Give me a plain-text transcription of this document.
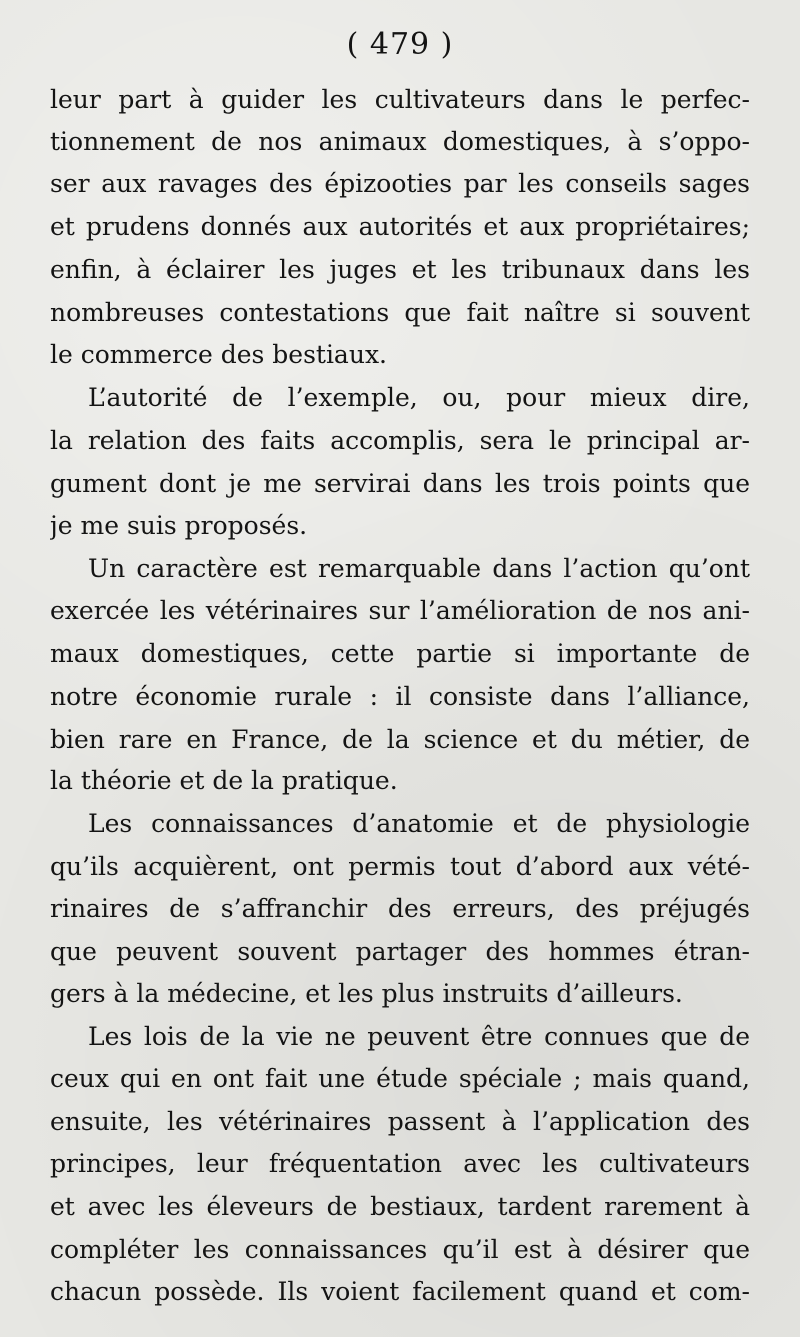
( 479 )
leur part à guider les cultivateurs dans le perfec-
tionnement de nos animaux domestiques, à s’oppo-
ser aux ravages des épizooties par les conseils sages
et prudens donnés aux autorités et aux propriétaires;
enfin, à éclairer les juges et les tribunaux dans les
nombreuses contestations que fait naître si souvent
le commerce des bestiaux.
L’autorité de l’exemple, ou, pour mieux dire,
la relation des faits accomplis, sera le principal ar-
gument dont je me servirai dans les trois points que
je me suis proposés.
Un caractère est remarquable dans l’action qu’ont
exercée les vétérinaires sur l’amélioration de nos ani-
maux domestiques, cette partie si importante de
notre économie rurale : il consiste dans l’alliance,
bien rare en France, de la science et du métier, de
la théorie et de la pratique.
Les connaissances d’anatomie et de physiologie
qu’ils acquièrent, ont permis tout d’abord aux vété-
rinaires de s’affranchir des erreurs, des préjugés
que peuvent souvent partager des hommes étran-
gers à la médecine, et les plus instruits d’ailleurs.
Les lois de la vie ne peuvent être connues que de
ceux qui en ont fait une étude spéciale ; mais quand,
ensuite, les vétérinaires passent à l’application des
principes, leur fréquentation avec les cultivateurs
et avec les éleveurs de bestiaux, tardent rarement à
compléter les connaissances qu’il est à désirer que
chacun possède. Ils voient facilement quand et com-
